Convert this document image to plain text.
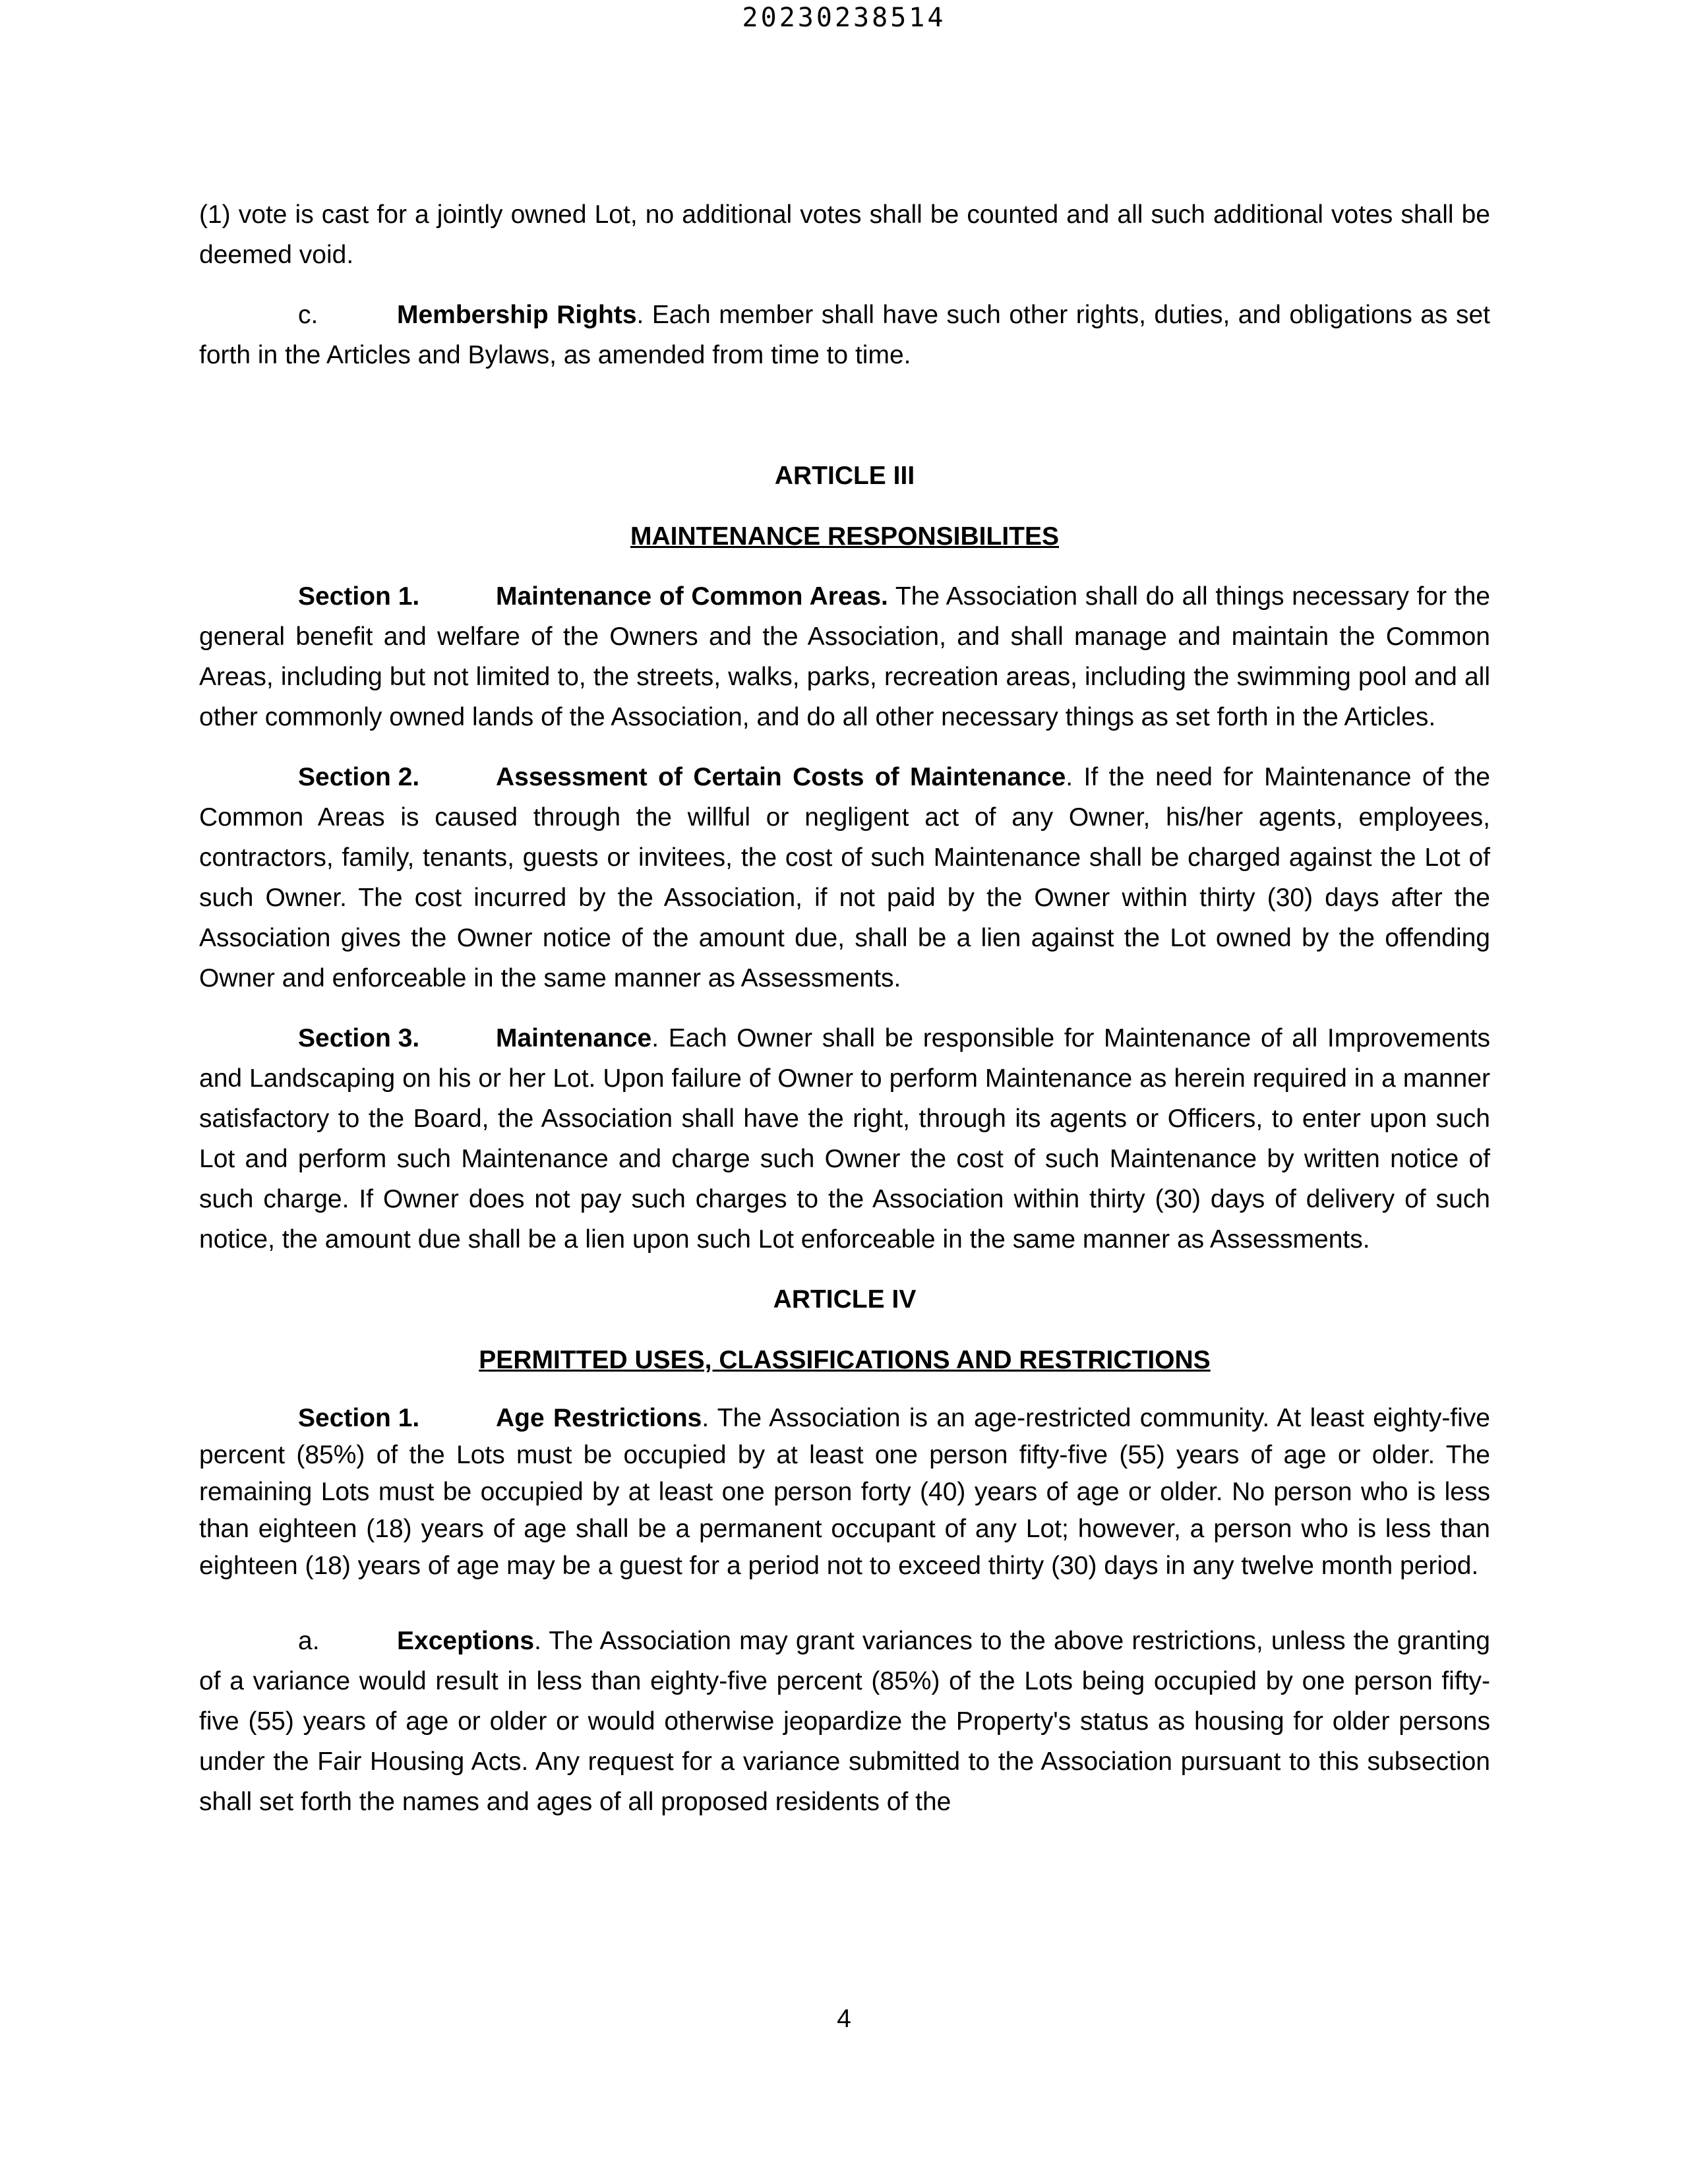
20230238514

(1) vote is cast for a jointly owned Lot, no additional votes shall be counted and all such additional votes shall be deemed void.

c.	Membership Rights. Each member shall have such other rights, duties, and obligations as set forth in the Articles and Bylaws, as amended from time to time.

ARTICLE III

MAINTENANCE RESPONSIBILITES

Section 1.	Maintenance of Common Areas. The Association shall do all things necessary for the general benefit and welfare of the Owners and the Association, and shall manage and maintain the Common Areas, including but not limited to, the streets, walks, parks, recreation areas, including the swimming pool and all other commonly owned lands of the Association, and do all other necessary things as set forth in the Articles.

Section 2.	Assessment of Certain Costs of Maintenance. If the need for Maintenance of the Common Areas is caused through the willful or negligent act of any Owner, his/her agents, employees, contractors, family, tenants, guests or invitees, the cost of such Maintenance shall be charged against the Lot of such Owner. The cost incurred by the Association, if not paid by the Owner within thirty (30) days after the Association gives the Owner notice of the amount due, shall be a lien against the Lot owned by the offending Owner and enforceable in the same manner as Assessments.

Section 3.	Maintenance. Each Owner shall be responsible for Maintenance of all Improvements and Landscaping on his or her Lot. Upon failure of Owner to perform Maintenance as herein required in a manner satisfactory to the Board, the Association shall have the right, through its agents or Officers, to enter upon such Lot and perform such Maintenance and charge such Owner the cost of such Maintenance by written notice of such charge. If Owner does not pay such charges to the Association within thirty (30) days of delivery of such notice, the amount due shall be a lien upon such Lot enforceable in the same manner as Assessments.

ARTICLE IV

PERMITTED USES, CLASSIFICATIONS AND RESTRICTIONS

Section 1.	Age Restrictions. The Association is an age-restricted community. At least eighty-five percent (85%) of the Lots must be occupied by at least one person fifty-five (55) years of age or older. The remaining Lots must be occupied by at least one person forty (40) years of age or older. No person who is less than eighteen (18) years of age shall be a permanent occupant of any Lot; however, a person who is less than eighteen (18) years of age may be a guest for a period not to exceed thirty (30) days in any twelve month period.

a.	Exceptions. The Association may grant variances to the above restrictions, unless the granting of a variance would result in less than eighty-five percent (85%) of the Lots being occupied by one person fifty-five (55) years of age or older or would otherwise jeopardize the Property's status as housing for older persons under the Fair Housing Acts. Any request for a variance submitted to the Association pursuant to this subsection shall set forth the names and ages of all proposed residents of the

4
